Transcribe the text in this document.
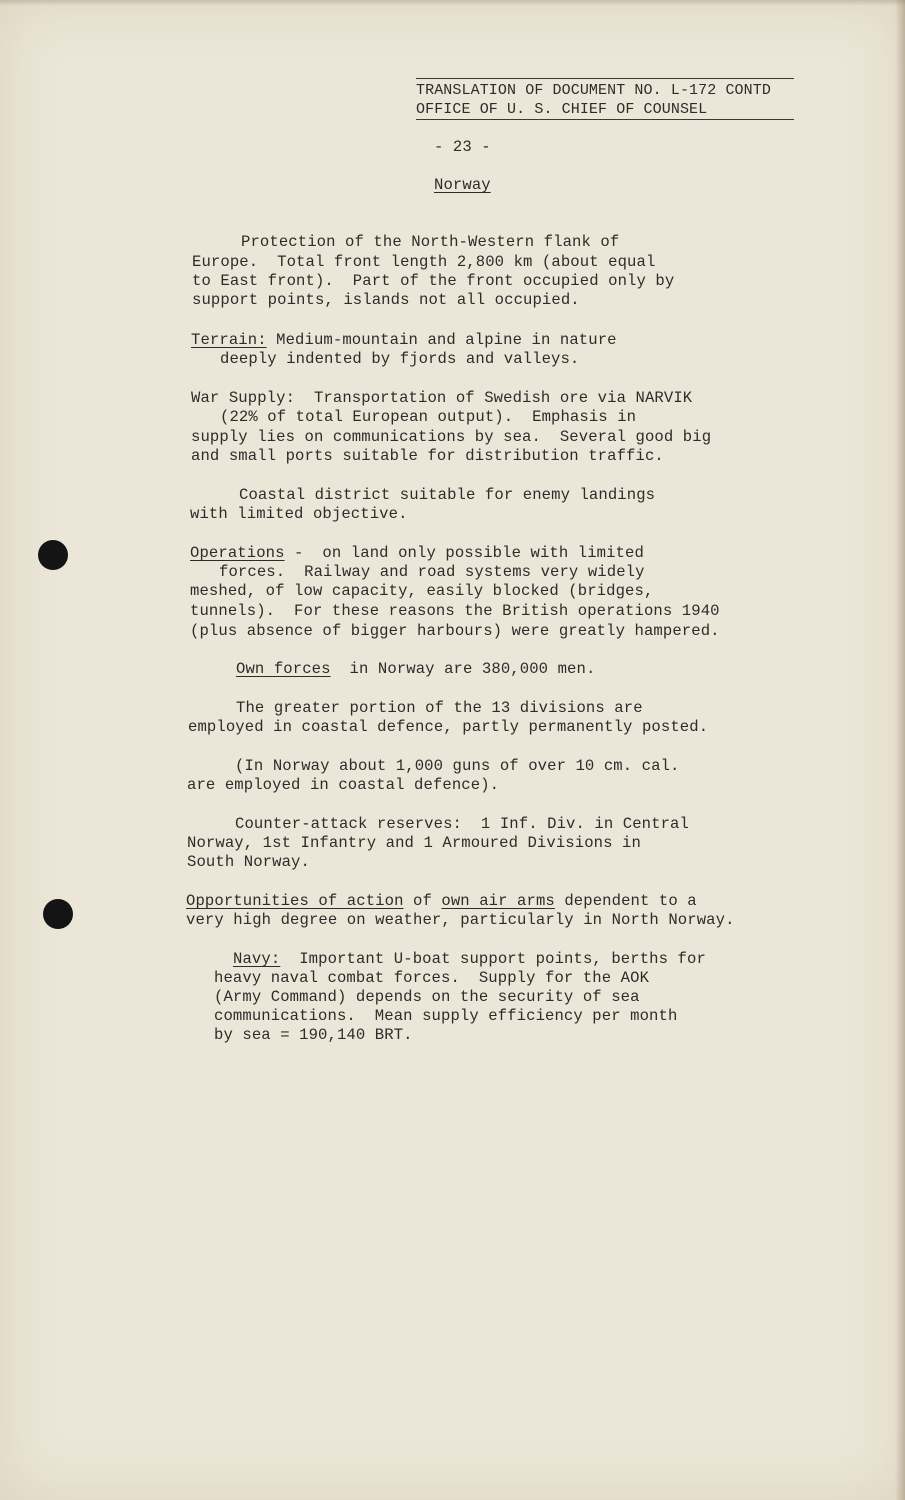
TRANSLATION OF DOCUMENT NO. L-172 CONTD
OFFICE OF U. S. CHIEF OF COUNSEL
- 23 -
Norway
Protection of the North-Western flank of
Europe.  Total front length 2,800 km (about equal
to East front).  Part of the front occupied only by
support points, islands not all occupied.
Terrain: Medium-mountain and alpine in nature
deeply indented by fjords and valleys.
War Supply:  Transportation of Swedish ore via NARVIK
(22% of total European output).  Emphasis in
supply lies on communications by sea.  Several good big
and small ports suitable for distribution traffic.
Coastal district suitable for enemy landings
with limited objective.
Operations -  on land only possible with limited
forces.  Railway and road systems very widely
meshed, of low capacity, easily blocked (bridges,
tunnels).  For these reasons the British operations 1940
(plus absence of bigger harbours) were greatly hampered.
Own forces  in Norway are 380,000 men.
The greater portion of the 13 divisions are
employed in coastal defence, partly permanently posted.
(In Norway about 1,000 guns of over 10 cm. cal.
are employed in coastal defence).
Counter-attack reserves:  1 Inf. Div. in Central
Norway, 1st Infantry and 1 Armoured Divisions in
South Norway.
Opportunities of action of own air arms dependent to a
very high degree on weather, particularly in North Norway.
Navy:  Important U-boat support points, berths for
heavy naval combat forces.  Supply for the AOK
(Army Command) depends on the security of sea
communications.  Mean supply efficiency per month
by sea = 190,140 BRT.
